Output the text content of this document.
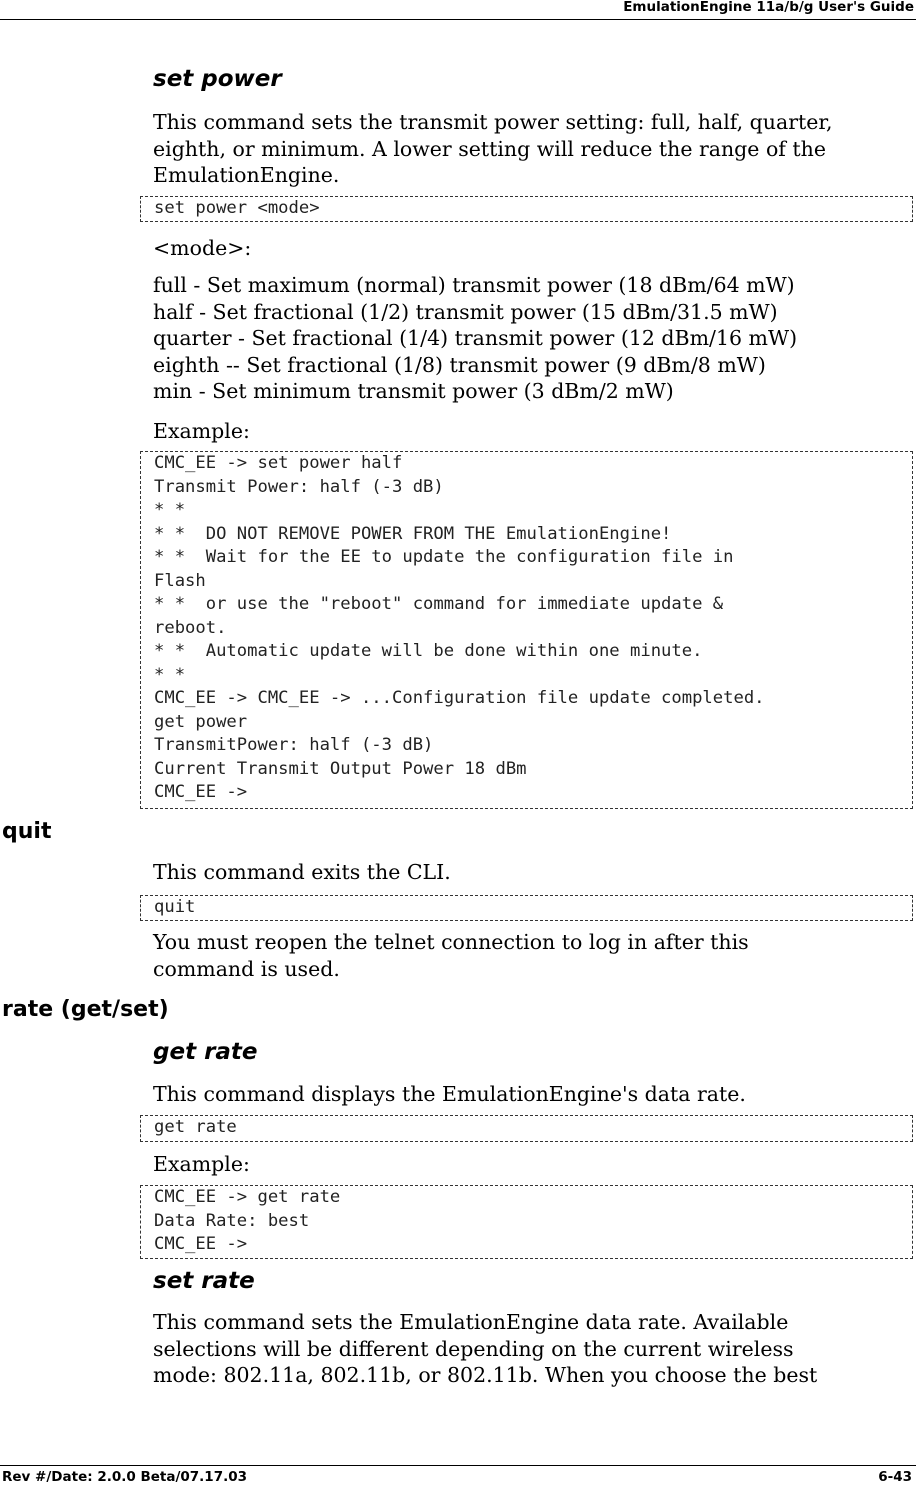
EmulationEngine 11a/b/g User's Guide
set power
This command sets the transmit power setting: full, half, quarter,
eighth, or minimum. A lower setting will reduce the range of the
EmulationEngine.
set power <mode>
<mode>:
full - Set maximum (normal) transmit power (18 dBm/64 mW)
half - Set fractional (1/2) transmit power (15 dBm/31.5 mW)
quarter - Set fractional (1/4) transmit power (12 dBm/16 mW)
eighth -- Set fractional (1/8) transmit power (9 dBm/8 mW)
min - Set minimum transmit power (3 dBm/2 mW)
Example:
CMC_EE -> set power half
Transmit Power: half (-3 dB)
* *
* *  DO NOT REMOVE POWER FROM THE EmulationEngine!
* *  Wait for the EE to update the configuration file in
Flash
* *  or use the "reboot" command for immediate update &
reboot.
* *  Automatic update will be done within one minute.
* *
CMC_EE -> CMC_EE -> ...Configuration file update completed.
get power
TransmitPower: half (-3 dB)
Current Transmit Output Power 18 dBm
CMC_EE ->
quit
This command exits the CLI.
quit
You must reopen the telnet connection to log in after this
command is used.
rate (get/set)
get rate
This command displays the EmulationEngine's data rate.
get rate
Example:
CMC_EE -> get rate
Data Rate: best
CMC_EE ->
set rate
This command sets the EmulationEngine data rate. Available
selections will be different depending on the current wireless
mode: 802.11a, 802.11b, or 802.11b. When you choose the best
Rev #/Date: 2.0.0 Beta/07.17.03	6-43
